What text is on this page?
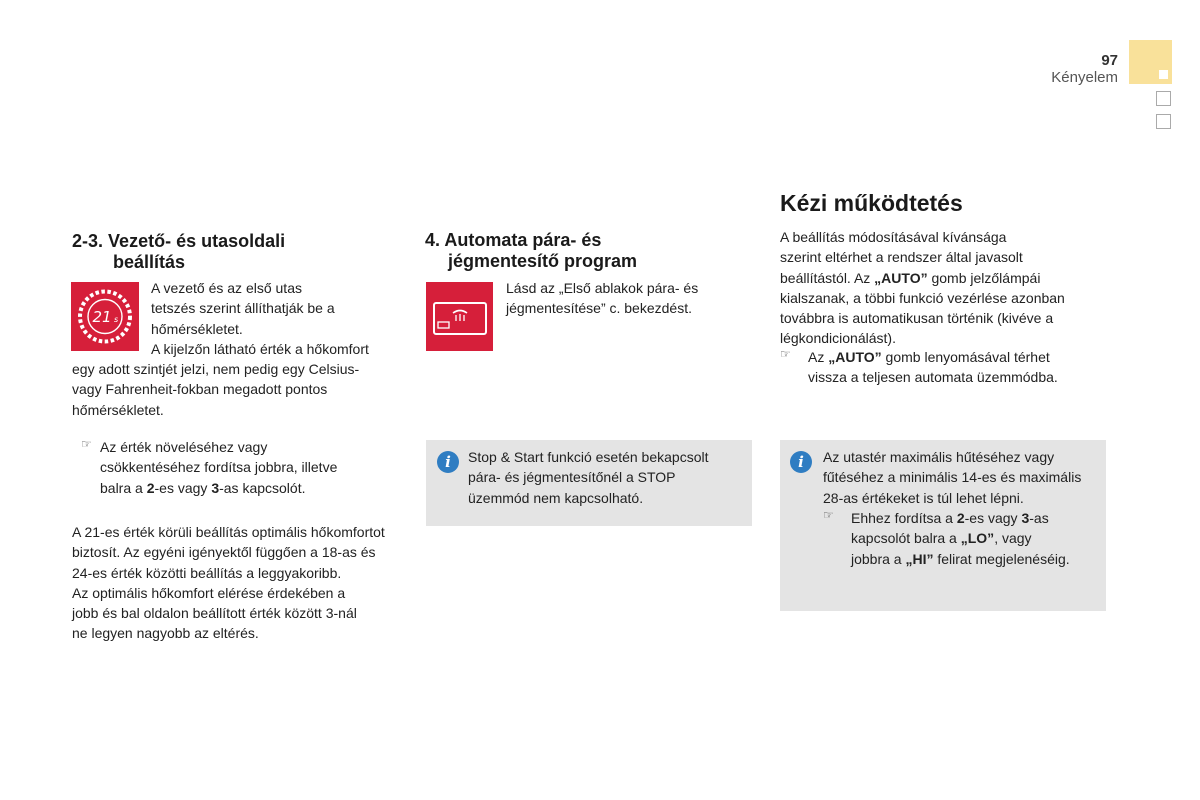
97
Kényelem
2-3. Vezető- és utasoldali
beállítás
21 s
A vezető és az első utas
tetszés szerint állíthatják be a
hőmérsékletet.
A kijelzőn látható érték a hőkomfort
egy adott szintjét jelzi, nem pedig egy Celsius-
vagy Fahrenheit-fokban megadott pontos
hőmérsékletet.
☞ Az érték növeléséhez vagy
csökkentéséhez fordítsa jobbra, illetve
balra a 2-es vagy 3-as kapcsolót.
A 21-es érték körüli beállítás optimális hőkomfortot
biztosít. Az egyéni igényektől függően a 18-as és
24-es érték közötti beállítás a leggyakoribb.
Az optimális hőkomfort elérése érdekében a
jobb és bal oldalon beállított érték között 3-nál
ne legyen nagyobb az eltérés.
4. Automata pára- és
jégmentesítő program
Lásd az „Első ablakok pára- és
jégmentesítése” c. bekezdést.
i	Stop & Start funkció esetén bekapcsolt
pára- és jégmentesítőnél a STOP
üzemmód nem kapcsolható.
Kézi működtetés
A beállítás módosításával kívánsága
szerint eltérhet a rendszer által javasolt
beállítástól. Az „AUTO” gomb jelzőlámpái
kialszanak, a többi funkció vezérlése azonban
továbbra is automatikusan történik (kivéve a
légkondicionálást).
☞ Az „AUTO” gomb lenyomásával térhet
vissza a teljesen automata üzemmódba.
i	Az utastér maximális hűtéséhez vagy
fűtéséhez a minimális 14-es és maximális
28-as értékeket is túl lehet lépni.
☞ Ehhez fordítsa a 2-es vagy 3-as
kapcsolót balra a „LO”, vagy
jobbra a „HI” felirat megjelenéséig.
